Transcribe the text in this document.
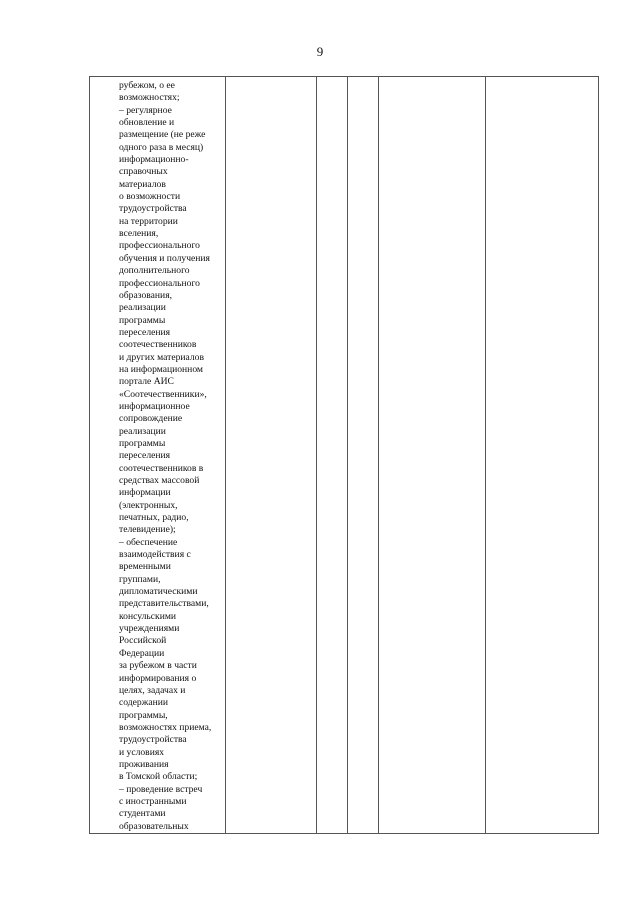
9
рубежом, о ее
возможностях;
– регулярное
обновление и
размещение (не реже
одного раза в месяц)
информационно-
справочных
материалов
о возможности
трудоустройства
на территории
вселения,
профессионального
обучения и получения
дополнительного
профессионального
образования,
реализации
программы
переселения
соотечественников
и других материалов
на информационном
портале АИС
«Соотечественники»,
информационное
сопровождение
реализации
программы
переселения
соотечественников в
средствах массовой
информации
(электронных,
печатных, радио,
телевидение);
– обеспечение
взаимодействия с
временными
группами,
дипломатическими
представительствами,
консульскими
учреждениями
Российской
Федерации
за рубежом в части
информирования о
целях, задачах и
содержании
программы,
возможностях приема,
трудоустройства
и условиях
проживания
в Томской области;
– проведение встреч
с иностранными
студентами
образовательных
